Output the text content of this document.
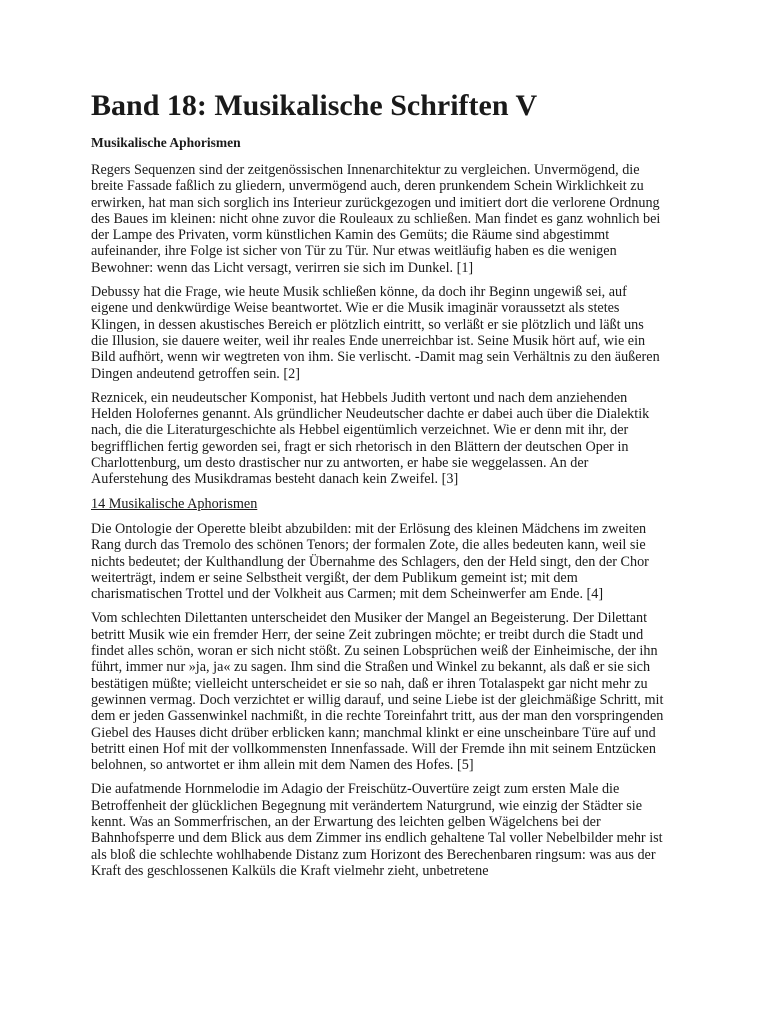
Band 18: Musikalische Schriften V
Musikalische Aphorismen

Regers Sequenzen sind der zeitgenössischen Innenarchitektur zu vergleichen. Unvermögend, die breite Fassade faßlich zu gliedern, unvermögend auch, deren prunkendem Schein Wirklichkeit zu erwirken, hat man sich sorglich ins Interieur zurückgezogen und imitiert dort die verlorene Ordnung des Baues im kleinen: nicht ohne zuvor die Rouleaux zu schließen. Man findet es ganz wohnlich bei der Lampe des Privaten, vorm künstlichen Kamin des Gemüts; die Räume sind abgestimmt aufeinander, ihre Folge ist sicher von Tür zu Tür. Nur etwas weitläufig haben es die wenigen Bewohner: wenn das Licht versagt, verirren sie sich im Dunkel. [1]

Debussy hat die Frage, wie heute Musik schließen könne, da doch ihr Beginn ungewiß sei, auf eigene und denkwürdige Weise beantwortet. Wie er die Musik imaginär voraussetzt als stetes Klingen, in dessen akustisches Bereich er plötzlich eintritt, so verläßt er sie plötzlich und läßt uns die Illusion, sie dauere weiter, weil ihr reales Ende unerreichbar ist. Seine Musik hört auf, wie ein Bild aufhört, wenn wir wegtreten von ihm. Sie verlischt. -Damit mag sein Verhältnis zu den äußeren Dingen andeutend getroffen sein. [2]

Reznicek, ein neudeutscher Komponist, hat Hebbels Judith vertont und nach dem anziehenden Helden Holofernes genannt. Als gründlicher Neudeutscher dachte er dabei auch über die Dialektik nach, die die Literaturgeschichte als Hebbel eigentümlich verzeichnet. Wie er denn mit ihr, der begrifflichen fertig geworden sei, fragt er sich rhetorisch in den Blättern der deutschen Oper in Charlottenburg, um desto drastischer nur zu antworten, er habe sie weggelassen. An der Auferstehung des Musikdramas besteht danach kein Zweifel. [3]

14 Musikalische Aphorismen

Die Ontologie der Operette bleibt abzubilden: mit der Erlösung des kleinen Mädchens im zweiten Rang durch das Tremolo des schönen Tenors; der formalen Zote, die alles bedeuten kann, weil sie nichts bedeutet; der Kulthandlung der Übernahme des Schlagers, den der Held singt, den der Chor weiterträgt, indem er seine Selbstheit vergißt, der dem Publikum gemeint ist; mit dem charismatischen Trottel und der Volkheit aus Carmen; mit dem Scheinwerfer am Ende. [4]

Vom schlechten Dilettanten unterscheidet den Musiker der Mangel an Begeisterung. Der Dilettant betritt Musik wie ein fremder Herr, der seine Zeit zubringen möchte; er treibt durch die Stadt und findet alles schön, woran er sich nicht stößt. Zu seinen Lobsprüchen weiß der Einheimische, der ihn führt, immer nur »ja, ja« zu sagen. Ihm sind die Straßen und Winkel zu bekannt, als daß er sie sich bestätigen müßte; vielleicht unterscheidet er sie so nah, daß er ihren Totalaspekt gar nicht mehr zu gewinnen vermag. Doch verzichtet er willig darauf, und seine Liebe ist der gleichmäßige Schritt, mit dem er jeden Gassenwinkel nachmißt, in die rechte Toreinfahrt tritt, aus der man den vorspringenden Giebel des Hauses dicht drüber erblicken kann; manchmal klinkt er eine unscheinbare Türe auf und betritt einen Hof mit der vollkommensten Innenfassade. Will der Fremde ihn mit seinem Entzücken belohnen, so antwortet er ihm allein mit dem Namen des Hofes. [5]

Die aufatmende Hornmelodie im Adagio der Freischütz-Ouvertüre zeigt zum ersten Male die Betroffenheit der glücklichen Begegnung mit verändertem Naturgrund, wie einzig der Städter sie kennt. Was an Sommerfrischen, an der Erwartung des leichten gelben Wägelchens bei der Bahnhofsperre und dem Blick aus dem Zimmer ins endlich gehaltene Tal voller Nebelbilder mehr ist als bloß die schlechte wohlhabende Distanz zum Horizont des Berechenbaren ringsum: was aus der Kraft des geschlossenen Kalküls die Kraft vielmehr zieht, unbetretene
